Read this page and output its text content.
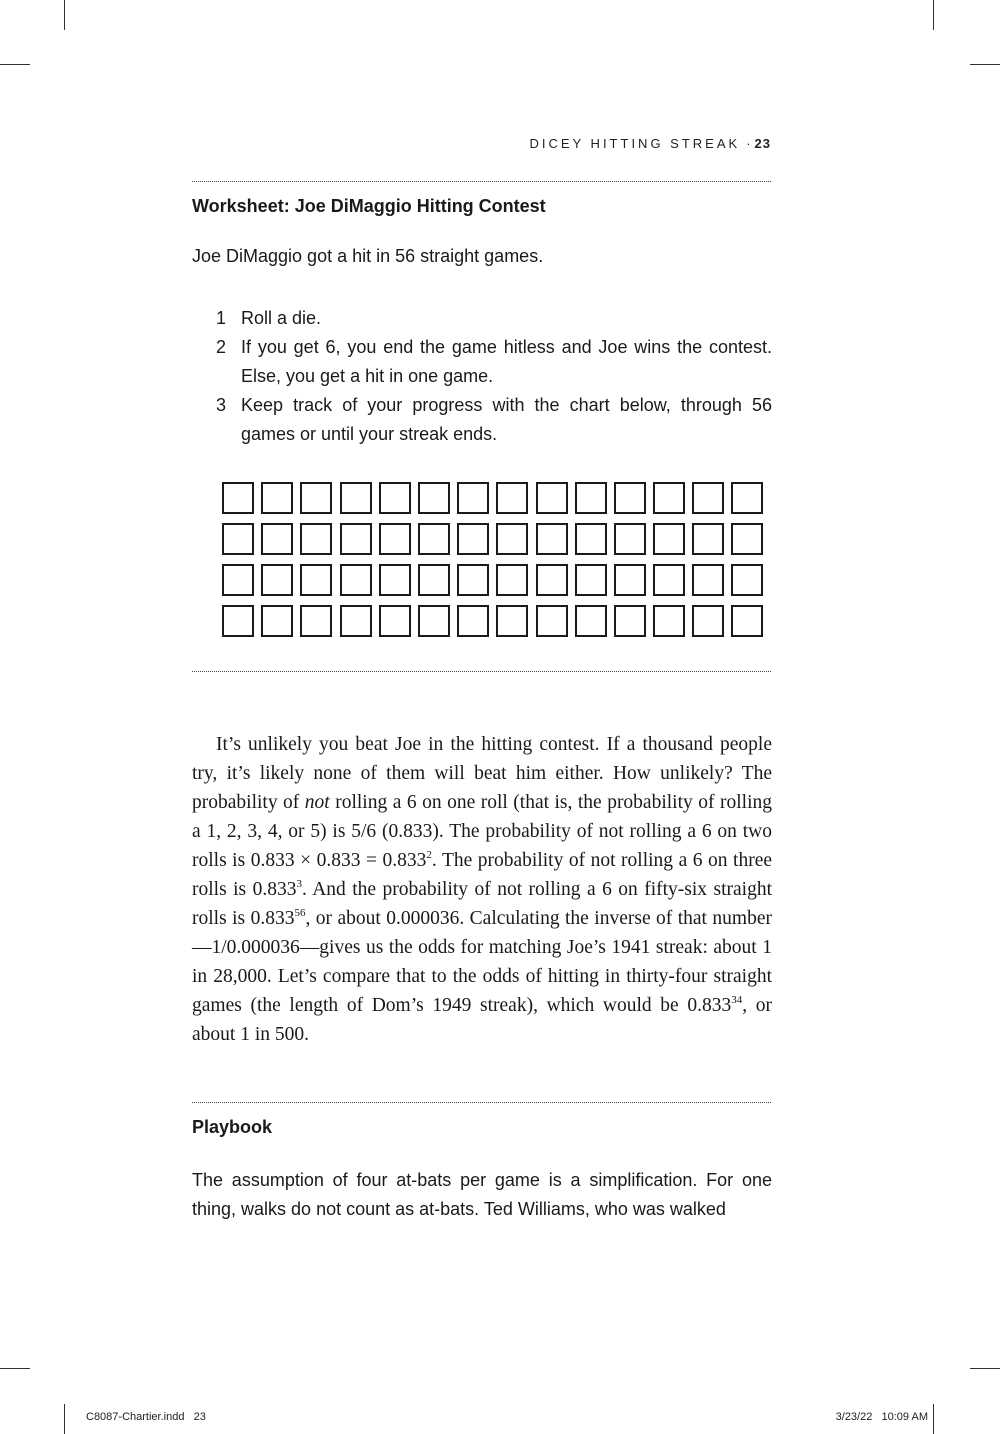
DICEY HITTING STREAK · 23
Worksheet: Joe DiMaggio Hitting Contest
Joe DiMaggio got a hit in 56 straight games.
1 Roll a die.
2 If you get 6, you end the game hitless and Joe wins the contest. Else, you get a hit in one game.
3 Keep track of your progress with the chart below, through 56 games or until your streak ends.

It’s unlikely you beat Joe in the hitting contest. If a thousand people try, it’s likely none of them will beat him either. How unlikely? The probability of not rolling a 6 on one roll (that is, the probability of rolling a 1, 2, 3, 4, or 5) is 5/6 (0.833). The probability of not rolling a 6 on two rolls is $0.833 \times 0.833 = 0.833^2$. The probability of not rolling a 6 on three rolls is 0.833$^3$. And the probability of not rolling a 6 on fifty-six straight rolls is 0.833$^{56}$, or about 0.000036. Calculating the inverse of that number—1/0.000036—gives us the odds for matching Joe’s 1941 streak: about 1 in 28,000. Let’s compare that to the odds of hitting in thirty-four straight games (the length of Dom’s 1949 streak), which would be 0.833$^{34}$, or about 1 in 500.

Playbook

The assumption of four at-bats per game is a simplification. For one thing, walks do not count as at-bats. Ted Williams, who was walked

C8087-Chartier.indd   23	3/23/22   10:09 AM
